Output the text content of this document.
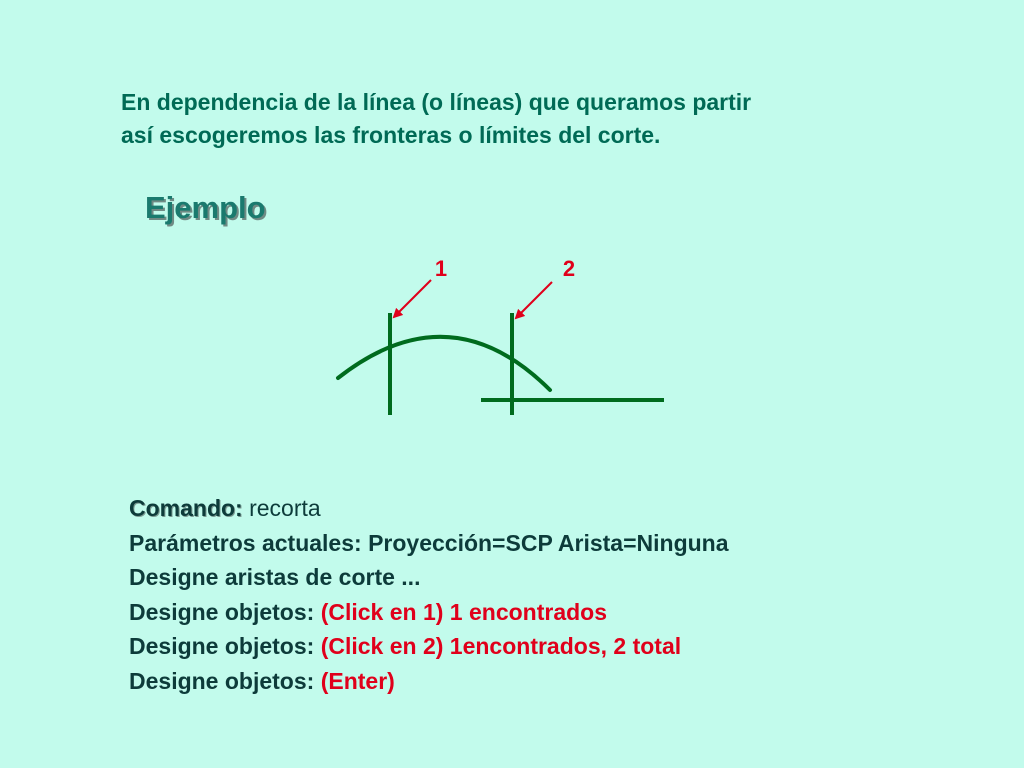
En dependencia de la línea (o líneas) que queramos partir
así escogeremos las fronteras o límites del corte.
Ejemplo
1	2
Comando: recorta
Parámetros actuales: Proyección=SCP Arista=Ninguna
Designe aristas de corte ...
Designe objetos: (Click en 1) 1 encontrados
Designe objetos: (Click en 2) 1encontrados, 2 total
Designe objetos: (Enter)
